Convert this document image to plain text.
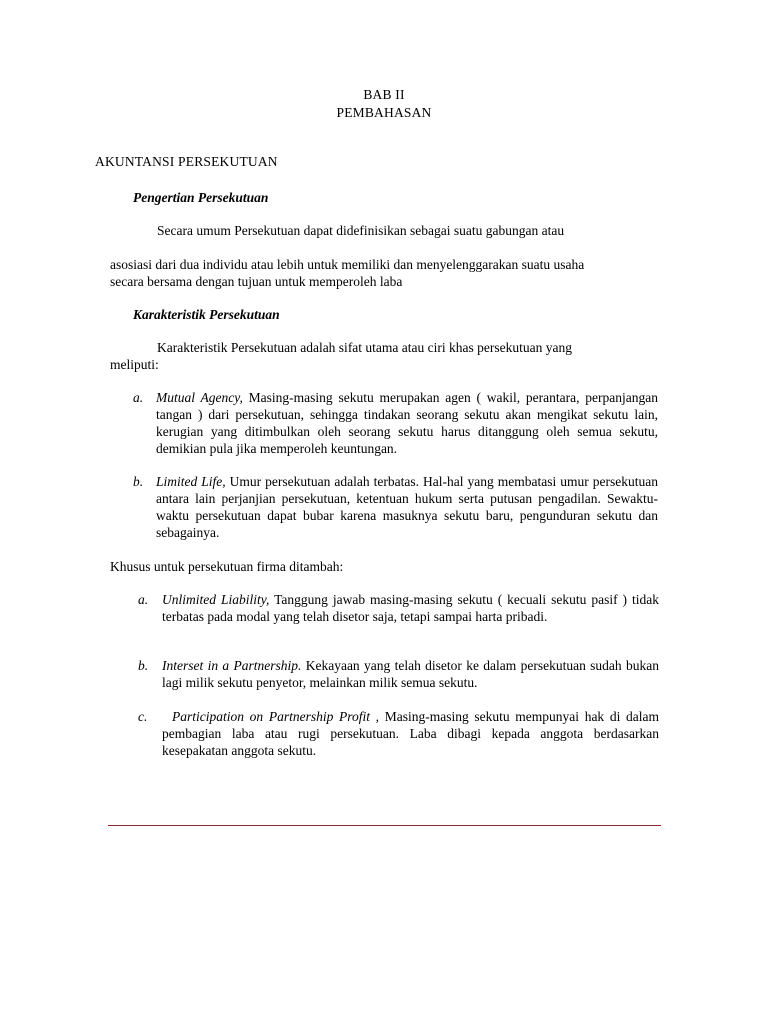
BAB II
PEMBAHASAN
AKUNTANSI PERSEKUTUAN
Pengertian Persekutuan
Secara umum Persekutuan dapat didefinisikan sebagai suatu gabungan atau
asosiasi dari dua individu atau lebih untuk memiliki dan menyelenggarakan suatu usaha
secara bersama dengan tujuan untuk memperoleh laba
Karakteristik Persekutuan
Karakteristik Persekutuan adalah sifat utama atau ciri khas persekutuan yang
meliputi:
a. Mutual Agency, Masing-masing sekutu merupakan agen ( wakil, perantara, perpanjangan tangan ) dari persekutuan, sehingga tindakan seorang sekutu akan mengikat sekutu lain, kerugian yang ditimbulkan oleh seorang sekutu harus ditanggung oleh semua sekutu, demikian pula jika memperoleh keuntungan.
b. Limited Life, Umur persekutuan adalah terbatas. Hal-hal yang membatasi umur persekutuan antara lain perjanjian persekutuan, ketentuan hukum serta putusan pengadilan. Sewaktu-waktu persekutuan dapat bubar karena masuknya sekutu baru, pengunduran sekutu dan sebagainya.
Khusus untuk persekutuan firma ditambah:
a. Unlimited Liability, Tanggung jawab masing-masing sekutu ( kecuali sekutu pasif ) tidak terbatas pada modal yang telah disetor saja, tetapi sampai harta pribadi.
b. Interset in a Partnership. Kekayaan yang telah disetor ke dalam persekutuan sudah bukan lagi milik sekutu penyetor, melainkan milik semua sekutu.
c.	Participation on Partnership Profit , Masing-masing sekutu mempunyai hak di dalam pembagian laba atau rugi persekutuan. Laba dibagi kepada anggota berdasarkan kesepakatan anggota sekutu.
